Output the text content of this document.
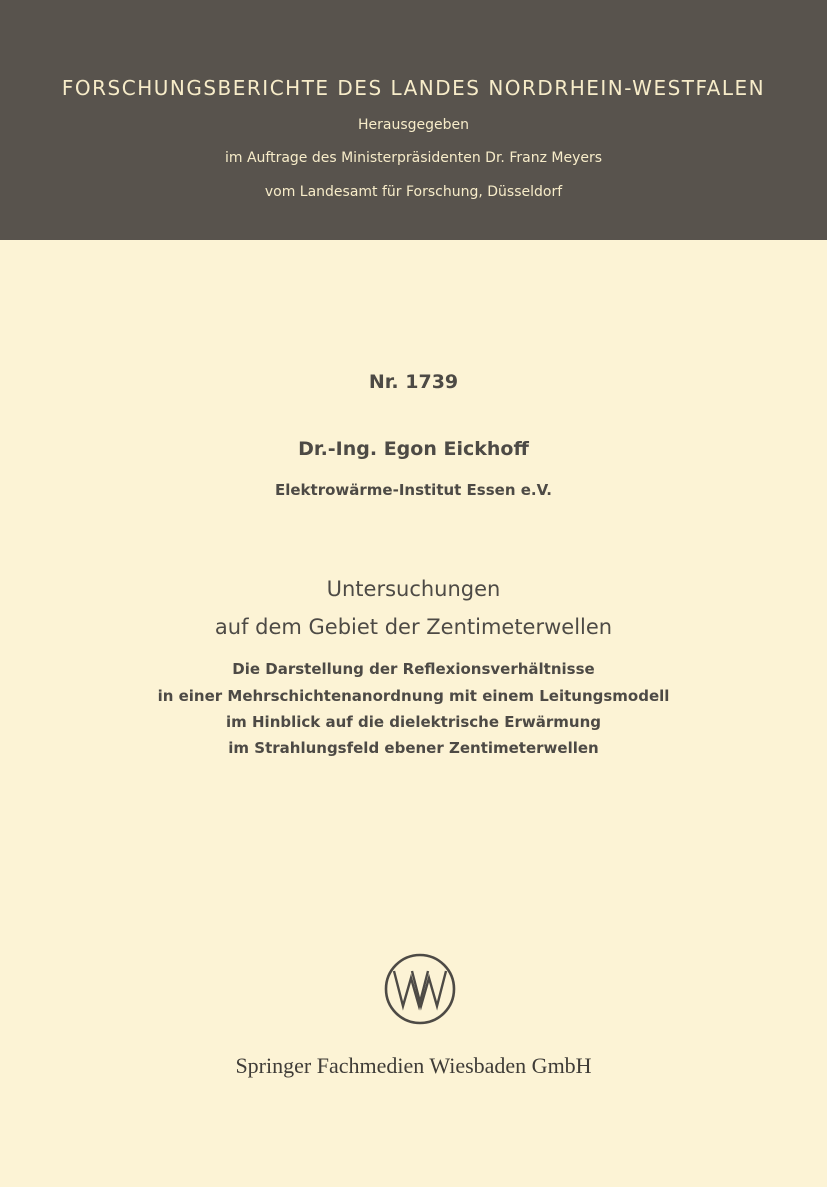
FORSCHUNGSBERICHTE DES LANDES NORDRHEIN-WESTFALEN
Herausgegeben
im Auftrage des Ministerpräsidenten Dr. Franz Meyers
vom Landesamt für Forschung, Düsseldorf
Nr. 1739
Dr.-Ing. Egon Eickhoff
Elektrowärme-Institut Essen e.V.
Untersuchungen
auf dem Gebiet der Zentimeterwellen
Die Darstellung der Reflexionsverhältnisse
in einer Mehrschichtenanordnung mit einem Leitungsmodell
im Hinblick auf die dielektrische Erwärmung
im Strahlungsfeld ebener Zentimeterwellen
Springer Fachmedien Wiesbaden GmbH
